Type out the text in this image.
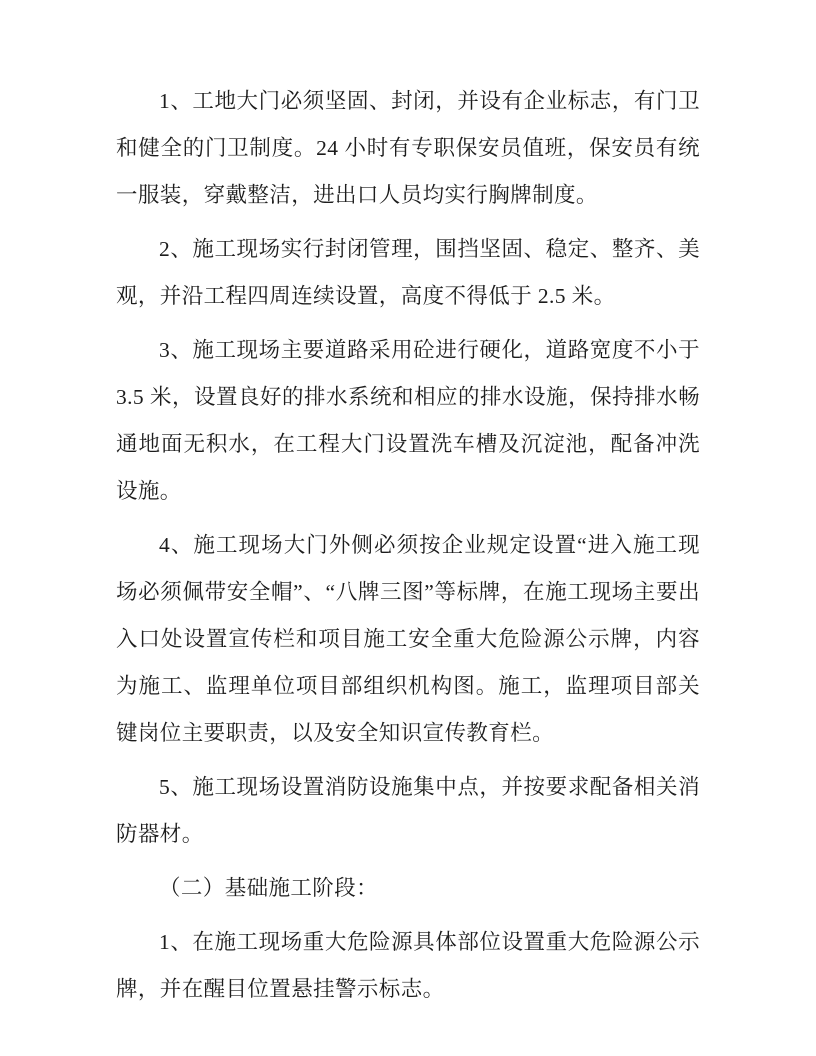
1、工地大门必须坚固、封闭，并设有企业标志，有门卫和健全的门卫制度。24 小时有专职保安员值班，保安员有统一服装，穿戴整洁，进出口人员均实行胸牌制度。

2、施工现场实行封闭管理，围挡坚固、稳定、整齐、美观，并沿工程四周连续设置，高度不得低于 2.5 米。

3、施工现场主要道路采用砼进行硬化，道路宽度不小于 3.5 米，设置良好的排水系统和相应的排水设施，保持排水畅通地面无积水，在工程大门设置洗车槽及沉淀池，配备冲洗设施。

4、施工现场大门外侧必须按企业规定设置“进入施工现场必须佩带安全帽”、“八牌三图”等标牌，在施工现场主要出入口处设置宣传栏和项目施工安全重大危险源公示牌，内容为施工、监理单位项目部组织机构图。施工，监理项目部关键岗位主要职责，以及安全知识宣传教育栏。

5、施工现场设置消防设施集中点，并按要求配备相关消防器材。

（二）基础施工阶段：

1、在施工现场重大危险源具体部位设置重大危险源公示牌，并在醒目位置悬挂警示标志。
